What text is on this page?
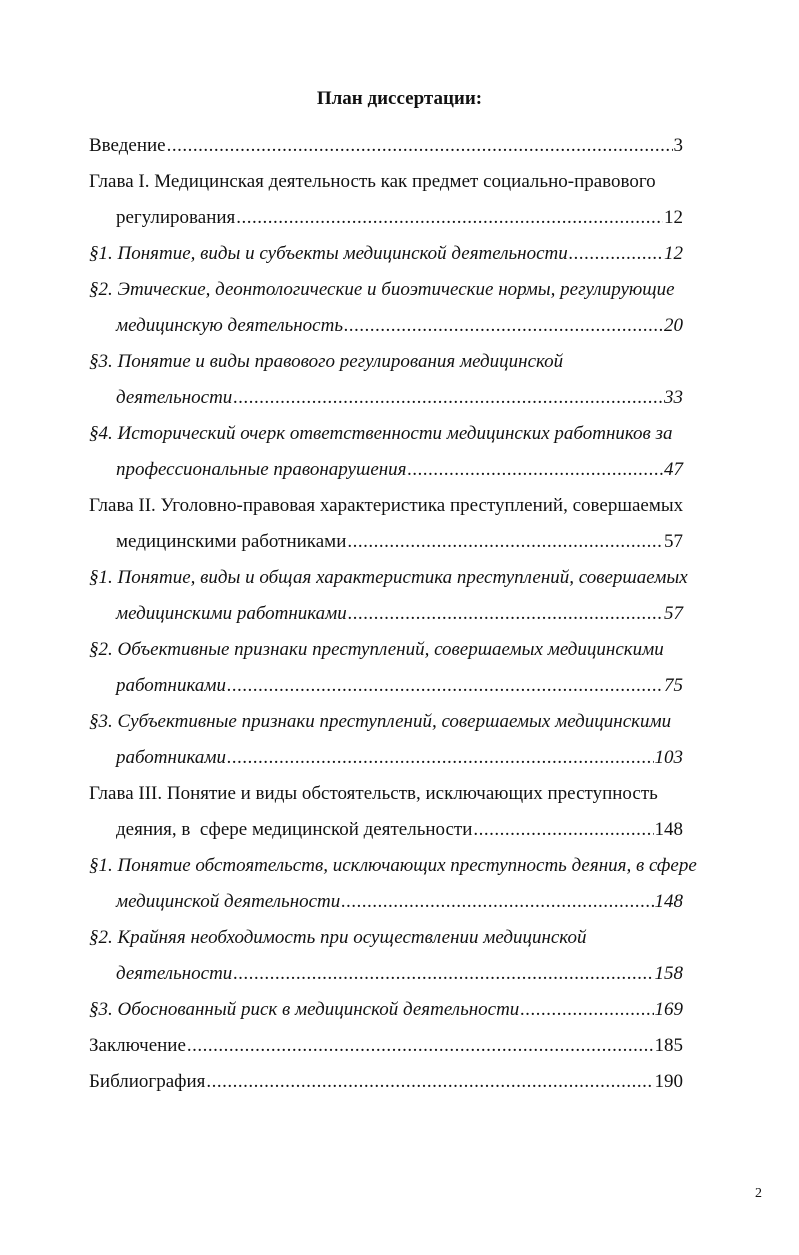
План диссертации:
Введение .....	3
Глава I. Медицинская деятельность как предмет социально-правового
регулирования .....	12
§1. Понятие, виды и субъекты медицинской деятельности .....	12
§2. Этические, деонтологические и биоэтические нормы, регулирующие
медицинскую деятельность .....	20
§3. Понятие и виды правового регулирования медицинской
деятельности .....	33
§4. Исторический очерк ответственности медицинских работников за
профессиональные правонарушения .....	47
Глава II. Уголовно-правовая характеристика преступлений, совершаемых
медицинскими работниками .....	57
§1. Понятие, виды и общая характеристика преступлений, совершаемых
медицинскими работниками .....	57
§2. Объективные признаки преступлений, совершаемых медицинскими
работниками .....	75
§3. Субъективные признаки преступлений, совершаемых медицинскими
работниками .....	103
Глава III. Понятие и виды обстоятельств, исключающих преступность
деяния, в  сфере медицинской деятельности .....	148
§1. Понятие обстоятельств, исключающих преступность деяния, в сфере
медицинской деятельности .....	148
§2. Крайняя необходимость при осуществлении медицинской
деятельности .....	158
§3. Обоснованный риск в медицинской деятельности .....	169
Заключение .....	185
Библиография .....	190
2
